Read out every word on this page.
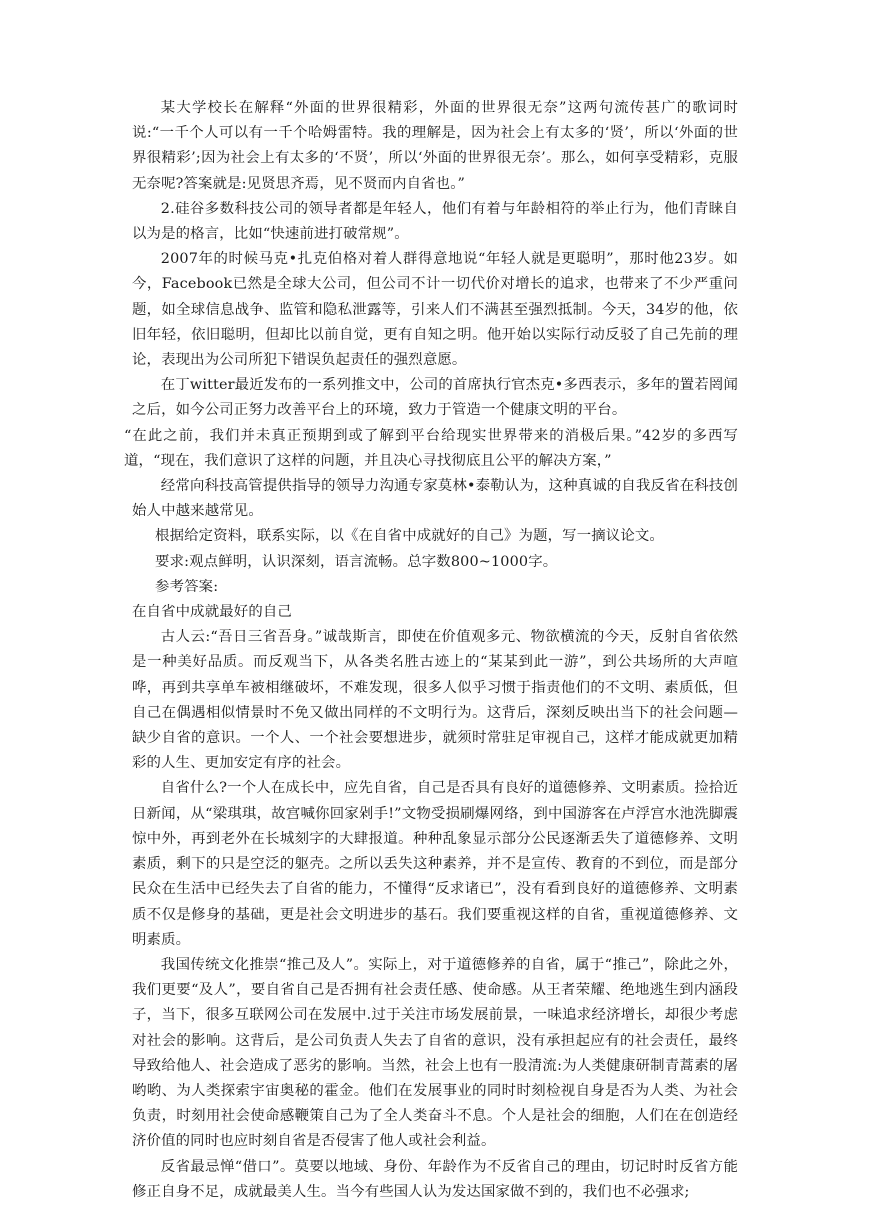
某大学校长在解释“外面的世界很精彩，外面的世界很无奈”这两句流传甚广的歌词时说:“一千个人可以有一千个哈姆雷特。我的理解是，因为社会上有太多的‘贤’，所以‘外面的世界很精彩’;因为社会上有太多的‘不贤’，所以‘外面的世界很无奈’。那么，如何享受精彩，克服无奈呢?答案就是:见贤思齐焉，见不贤而内自省也。”

2.硅谷多数科技公司的领导者都是年轻人，他们有着与年龄相符的举止行为，他们青睐自以为是的格言，比如“快速前进打破常规”。

2007年的时候马克•扎克伯格对着人群得意地说“年轻人就是更聪明”，那时他23岁。如今，Facebook已然是全球大公司，但公司不计一切代价对增长的追求，也带来了不少严重问题，如全球信息战争、监管和隐私泄露等，引来人们不满甚至强烈抵制。今天，34岁的他，依旧年轻，依旧聪明，但却比以前自觉，更有自知之明。他开始以实际行动反驳了自己先前的理论，表现出为公司所犯下错误负起责任的强烈意愿。

在丁witter最近发布的一系列推文中，公司的首席执行官杰克•多西表示，多年的置若罔闻之后，如今公司正努力改善平台上的环境，致力于管造一个健康文明的平台。

“在此之前，我们并未真正预期到或了解到平台给现实世界带来的消极后果。”42岁的多西写道，“现在，我们意识了这样的问题，并且决心寻找彻底且公平的解决方案，”

经常向科技高管提供指导的领导力沟通专家莫林•泰勒认为，这种真诚的自我反省在科技创始人中越来越常见。

根据给定资料，联系实际，以《在自省中成就好的自己》为题，写一摘议论文。

要求:观点鲜明，认识深刻，语言流畅。总字数800~1000字。

参考答案:

在自省中成就最好的自己

古人云:“吾日三省吾身。”诚哉斯言，即使在价值观多元、物欲横流的今天，反射自省依然是一种美好品质。而反观当下，从各类名胜古迹上的“某某到此一游”，到公共场所的大声喧哗，再到共享单车被相继破坏，不难发现，很多人似乎习惯于指责他们的不文明、素质低，但自己在偶遇相似情景时不免又做出同样的不文明行为。这背后，深刻反映出当下的社会问题—缺少自省的意识。一个人、一个社会要想进步，就须时常驻足审视自己，这样才能成就更加精彩的人生、更加安定有序的社会。

自省什么?一个人在成长中，应先自省，自己是否具有良好的道德修养、文明素质。捡拾近日新闻，从“梁琪琪，故宫喊你回家剁手!”文物受损刷爆网络，到中国游客在卢浮宫水池洗脚震惊中外，再到老外在长城刻字的大肆报道。种种乱象显示部分公民逐渐丢失了道德修养、文明素质，剩下的只是空泛的躯壳。之所以丢失这种素养，并不是宣传、教育的不到位，而是部分民众在生活中已经失去了自省的能力，不懂得“反求诸已”，没有看到良好的道德修养、文明素质不仅是修身的基础，更是社会文明进步的基石。我们要重视这样的自省，重视道德修养、文明素质。

我国传统文化推崇“推己及人”。实际上，对于道德修养的自省，属于“推己”，除此之外，我们更要“及人”，要自省自己是否拥有社会责任感、使命感。从王者荣耀、绝地逃生到内涵段子，当下，很多互联网公司在发展中.过于关注市场发展前景，一味追求经济增长，却很少考虑对社会的影响。这背后，是公司负责人失去了自省的意识，没有承担起应有的社会责任，最终导致给他人、社会造成了恶劣的影响。当然，社会上也有一股清流:为人类健康研制青蒿素的屠哟哟、为人类探索宇宙奥秘的霍金。他们在发展事业的同时时刻检视自身是否为人类、为社会负责，时刻用社会使命感鞭策自己为了全人类奋斗不息。个人是社会的细胞，人们在在创造经济价值的同时也应时刻自省是否侵害了他人或社会利益。

反省最忌惮“借口”。莫要以地域、身份、年龄作为不反省自己的理由，切记时时反省方能修正自身不足，成就最美人生。当今有些国人认为发达国家做不到的，我们也不必强求;
